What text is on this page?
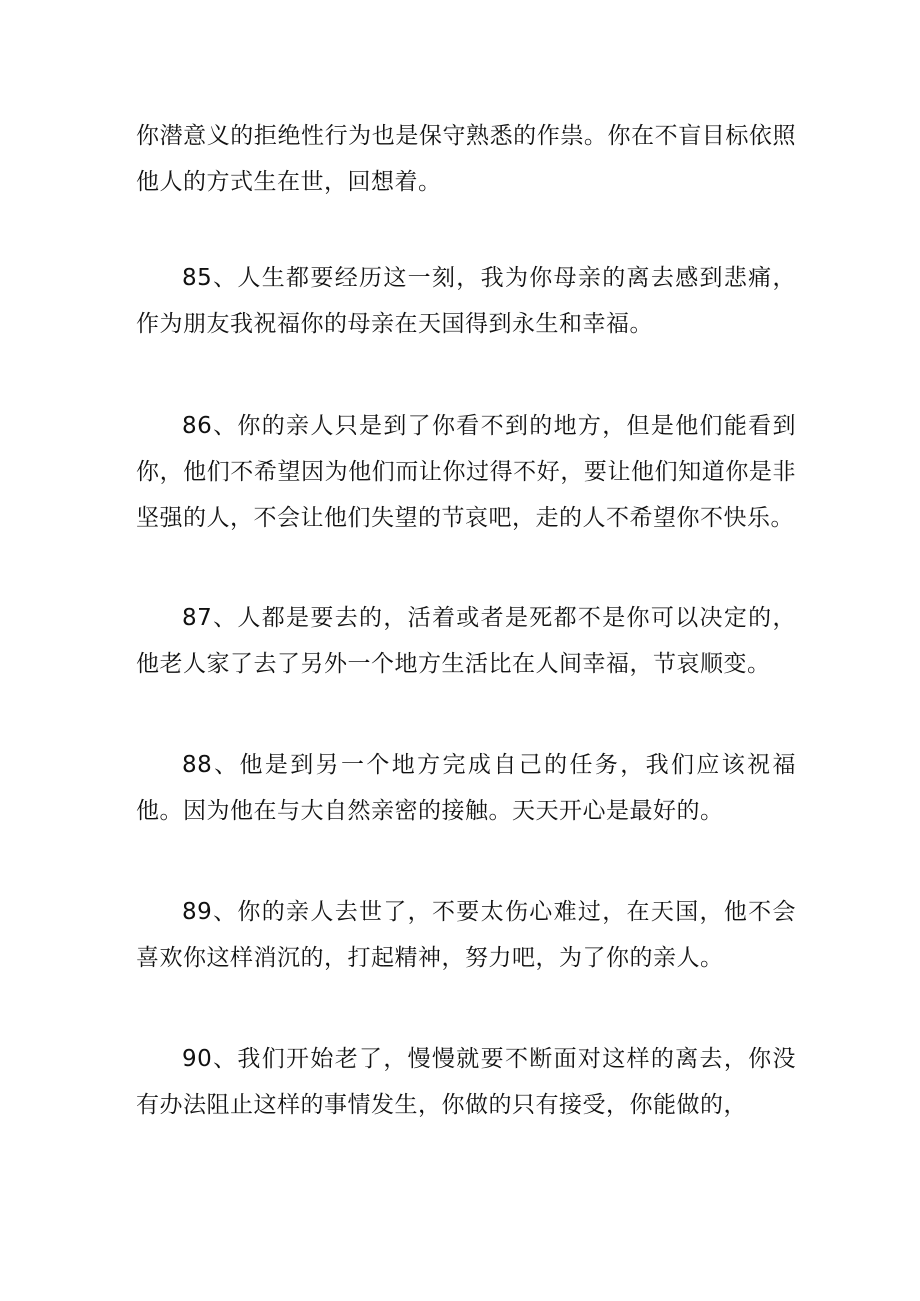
你潜意义的拒绝性行为也是保守熟悉的作祟。你在不盲目标依照他人的方式生在世，回想着。

85、人生都要经历这一刻，我为你母亲的离去感到悲痛，作为朋友我祝福你的母亲在天国得到永生和幸福。

86、你的亲人只是到了你看不到的地方，但是他们能看到你，他们不希望因为他们而让你过得不好，要让他们知道你是非坚强的人，不会让他们失望的节哀吧，走的人不希望你不快乐。

87、人都是要去的，活着或者是死都不是你可以决定的，他老人家了去了另外一个地方生活比在人间幸福，节哀顺变。

88、他是到另一个地方完成自己的任务，我们应该祝福他。因为他在与大自然亲密的接触。天天开心是最好的。

89、你的亲人去世了，不要太伤心难过，在天国，他不会喜欢你这样消沉的，打起精神，努力吧，为了你的亲人。

90、我们开始老了，慢慢就要不断面对这样的离去，你没有办法阻止这样的事情发生，你做的只有接受，你能做的，
